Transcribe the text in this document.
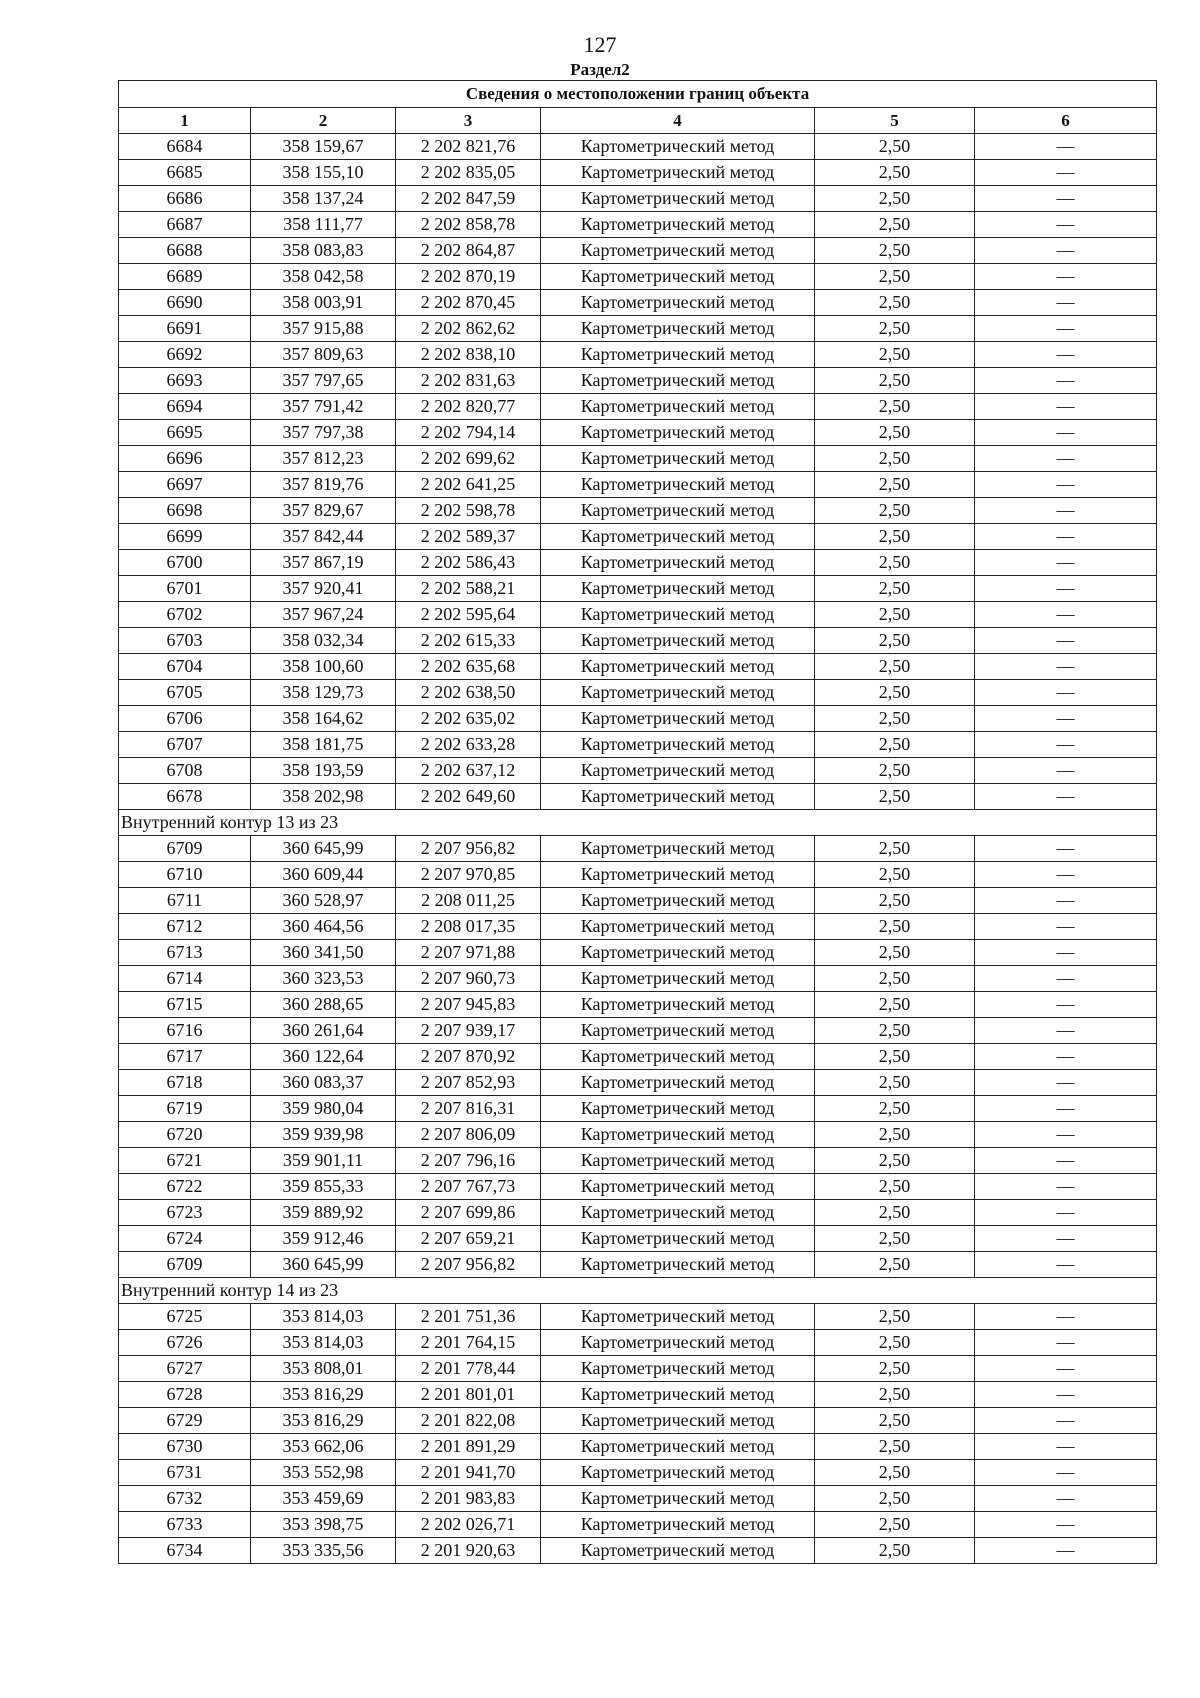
127
Раздел2
Сведения о местоположении границ объекта					
1	2	3	4	5	6
6684	358 159,67	2 202 821,76	Картометрический метод	2,50	—
6685	358 155,10	2 202 835,05	Картометрический метод	2,50	—
6686	358 137,24	2 202 847,59	Картометрический метод	2,50	—
6687	358 111,77	2 202 858,78	Картометрический метод	2,50	—
6688	358 083,83	2 202 864,87	Картометрический метод	2,50	—
6689	358 042,58	2 202 870,19	Картометрический метод	2,50	—
6690	358 003,91	2 202 870,45	Картометрический метод	2,50	—
6691	357 915,88	2 202 862,62	Картометрический метод	2,50	—
6692	357 809,63	2 202 838,10	Картометрический метод	2,50	—
6693	357 797,65	2 202 831,63	Картометрический метод	2,50	—
6694	357 791,42	2 202 820,77	Картометрический метод	2,50	—
6695	357 797,38	2 202 794,14	Картометрический метод	2,50	—
6696	357 812,23	2 202 699,62	Картометрический метод	2,50	—
6697	357 819,76	2 202 641,25	Картометрический метод	2,50	—
6698	357 829,67	2 202 598,78	Картометрический метод	2,50	—
6699	357 842,44	2 202 589,37	Картометрический метод	2,50	—
6700	357 867,19	2 202 586,43	Картометрический метод	2,50	—
6701	357 920,41	2 202 588,21	Картометрический метод	2,50	—
6702	357 967,24	2 202 595,64	Картометрический метод	2,50	—
6703	358 032,34	2 202 615,33	Картометрический метод	2,50	—
6704	358 100,60	2 202 635,68	Картометрический метод	2,50	—
6705	358 129,73	2 202 638,50	Картометрический метод	2,50	—
6706	358 164,62	2 202 635,02	Картометрический метод	2,50	—
6707	358 181,75	2 202 633,28	Картометрический метод	2,50	—
6708	358 193,59	2 202 637,12	Картометрический метод	2,50	—
6678	358 202,98	2 202 649,60	Картометрический метод	2,50	—
Внутренний контур 13 из 23					
6709	360 645,99	2 207 956,82	Картометрический метод	2,50	—
6710	360 609,44	2 207 970,85	Картометрический метод	2,50	—
6711	360 528,97	2 208 011,25	Картометрический метод	2,50	—
6712	360 464,56	2 208 017,35	Картометрический метод	2,50	—
6713	360 341,50	2 207 971,88	Картометрический метод	2,50	—
6714	360 323,53	2 207 960,73	Картометрический метод	2,50	—
6715	360 288,65	2 207 945,83	Картометрический метод	2,50	—
6716	360 261,64	2 207 939,17	Картометрический метод	2,50	—
6717	360 122,64	2 207 870,92	Картометрический метод	2,50	—
6718	360 083,37	2 207 852,93	Картометрический метод	2,50	—
6719	359 980,04	2 207 816,31	Картометрический метод	2,50	—
6720	359 939,98	2 207 806,09	Картометрический метод	2,50	—
6721	359 901,11	2 207 796,16	Картометрический метод	2,50	—
6722	359 855,33	2 207 767,73	Картометрический метод	2,50	—
6723	359 889,92	2 207 699,86	Картометрический метод	2,50	—
6724	359 912,46	2 207 659,21	Картометрический метод	2,50	—
6709	360 645,99	2 207 956,82	Картометрический метод	2,50	—
Внутренний контур 14 из 23					
6725	353 814,03	2 201 751,36	Картометрический метод	2,50	—
6726	353 814,03	2 201 764,15	Картометрический метод	2,50	—
6727	353 808,01	2 201 778,44	Картометрический метод	2,50	—
6728	353 816,29	2 201 801,01	Картометрический метод	2,50	—
6729	353 816,29	2 201 822,08	Картометрический метод	2,50	—
6730	353 662,06	2 201 891,29	Картометрический метод	2,50	—
6731	353 552,98	2 201 941,70	Картометрический метод	2,50	—
6732	353 459,69	2 201 983,83	Картометрический метод	2,50	—
6733	353 398,75	2 202 026,71	Картометрический метод	2,50	—
6734	353 335,56	2 201 920,63	Картометрический метод	2,50	—
